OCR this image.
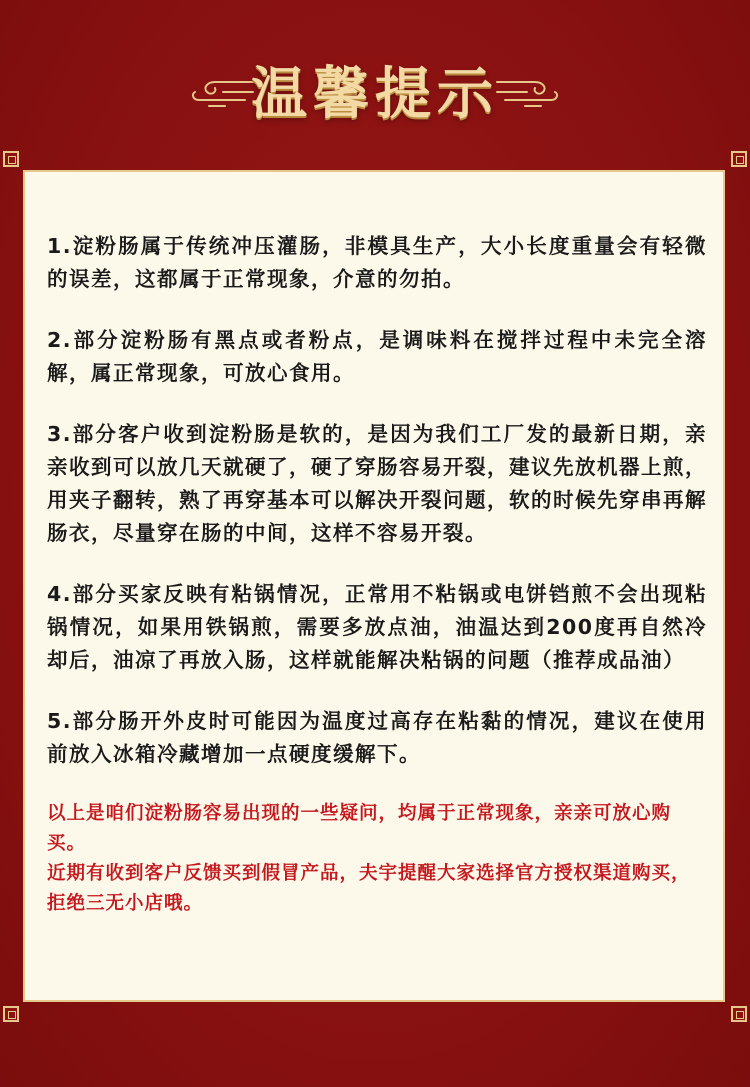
温馨提示

1.淀粉肠属于传统冲压灌肠，非模具生产，大小长度重量会有轻微的误差，这都属于正常现象，介意的勿拍。

2.部分淀粉肠有黑点或者粉点，是调味料在搅拌过程中未完全溶解，属正常现象，可放心食用。

3.部分客户收到淀粉肠是软的，是因为我们工厂发的最新日期，亲亲收到可以放几天就硬了，硬了穿肠容易开裂，建议先放机器上煎，用夹子翻转，熟了再穿基本可以解决开裂问题，软的时候先穿串再解肠衣，尽量穿在肠的中间，这样不容易开裂。

4.部分买家反映有粘锅情况，正常用不粘锅或电饼铛煎不会出现粘锅情况，如果用铁锅煎，需要多放点油，油温达到200度再自然冷却后，油凉了再放入肠，这样就能解决粘锅的问题（推荐成品油）

5.部分肠开外皮时可能因为温度过高存在粘黏的情况，建议在使用前放入冰箱冷藏增加一点硬度缓解下。

以上是咱们淀粉肠容易出现的一些疑问，均属于正常现象，亲亲可放心购买。

近期有收到客户反馈买到假冒产品，夫宇提醒大家选择官方授权渠道购买，拒绝三无小店哦。
